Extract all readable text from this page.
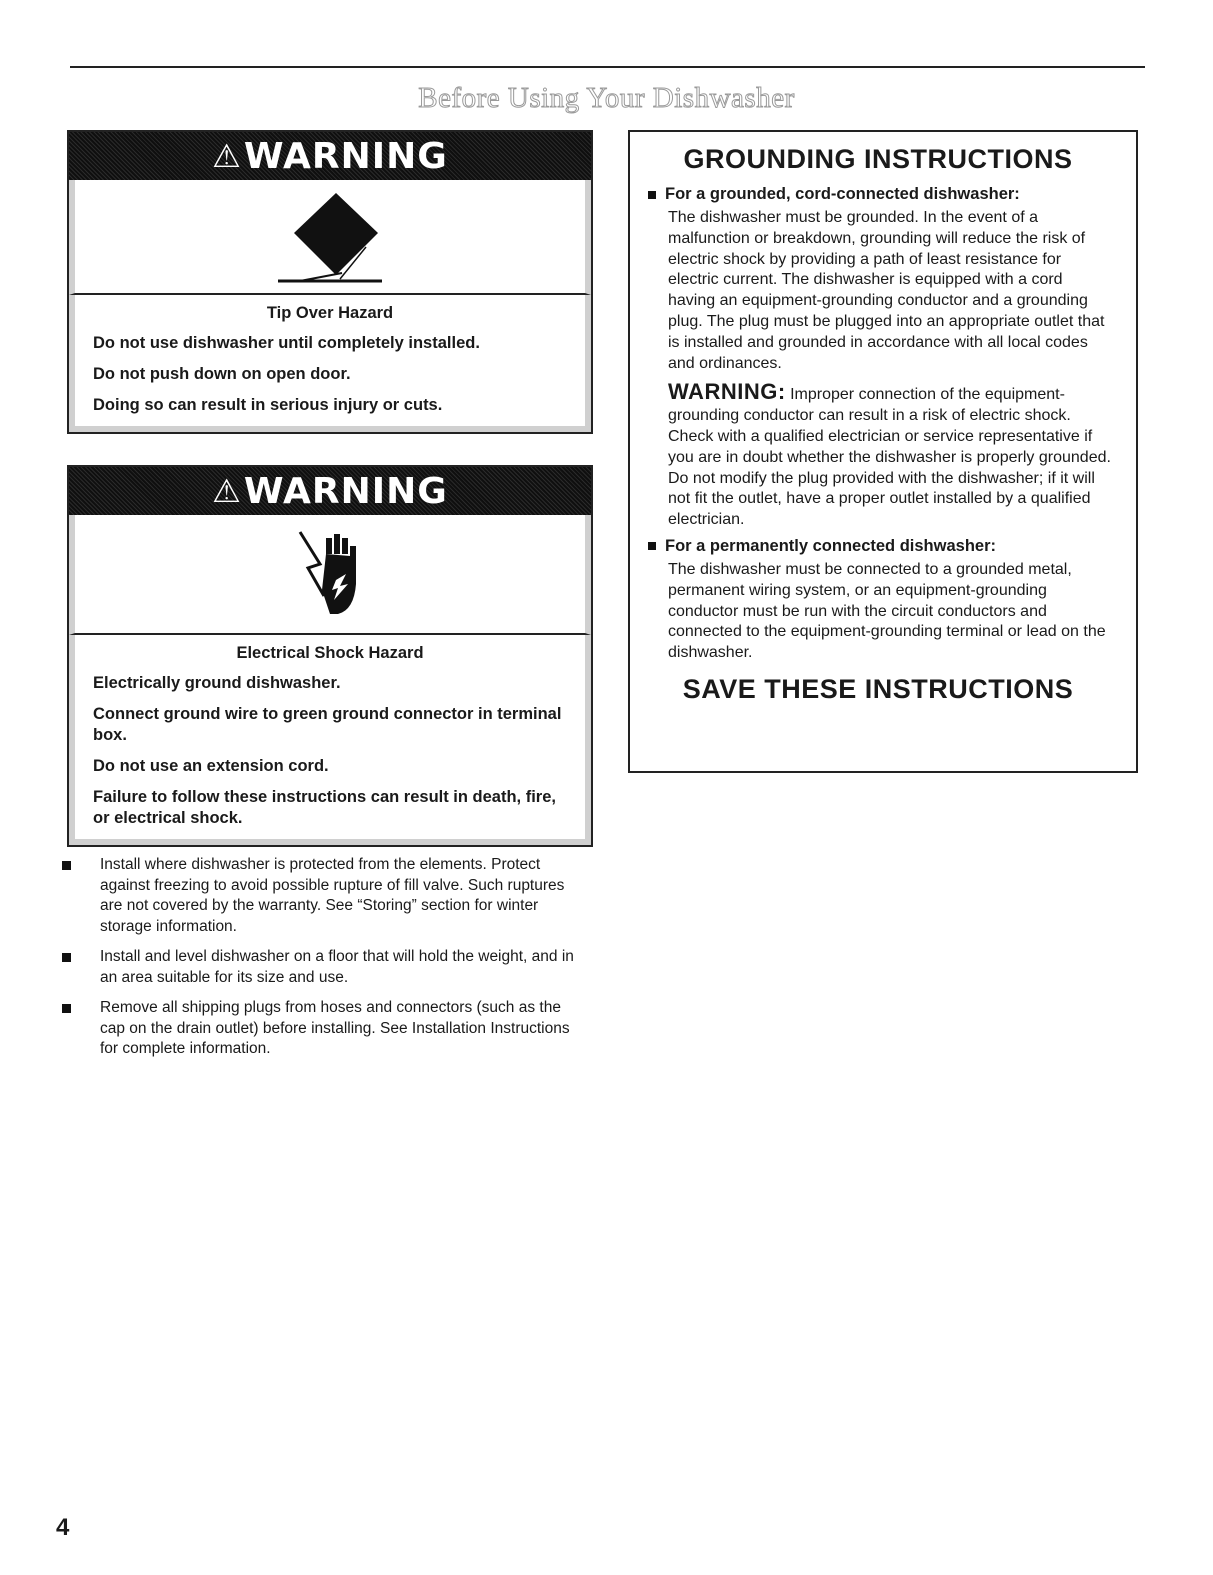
Before Using Your Dishwasher
⚠ WARNING
Tip Over Hazard

Do not use dishwasher until completely installed.

Do not push down on open door.

Doing so can result in serious injury or cuts.

⚠ WARNING
Electrical Shock Hazard

Electrically ground dishwasher.

Connect ground wire to green ground connector in terminal box.

Do not use an extension cord.

Failure to follow these instructions can result in death, fire, or electrical shock.

Install where dishwasher is protected from the elements. Protect against freezing to avoid possible rupture of fill valve. Such ruptures are not covered by the warranty. See “Storing” section for winter storage information.
Install and level dishwasher on a floor that will hold the weight, and in an area suitable for its size and use.
Remove all shipping plugs from hoses and connectors (such as the cap on the drain outlet) before installing. See Installation Instructions for complete information.
GROUNDING INSTRUCTIONS
For a grounded, cord-connected dishwasher:
The dishwasher must be grounded. In the event of a malfunction or breakdown, grounding will reduce the risk of electric shock by providing a path of least resistance for electric current. The dishwasher is equipped with a cord having an equipment-grounding conductor and a grounding plug. The plug must be plugged into an appropriate outlet that is installed and grounded in accordance with all local codes and ordinances.
WARNING: Improper connection of the equipment-grounding conductor can result in a risk of electric shock. Check with a qualified electrician or service representative if you are in doubt whether the dishwasher is properly grounded. Do not modify the plug provided with the dishwasher; if it will not fit the outlet, have a proper outlet installed by a qualified electrician.
For a permanently connected dishwasher:
The dishwasher must be connected to a grounded metal, permanent wiring system, or an equipment-grounding conductor must be run with the circuit conductors and connected to the equipment-grounding terminal or lead on the dishwasher.
SAVE THESE INSTRUCTIONS
4
